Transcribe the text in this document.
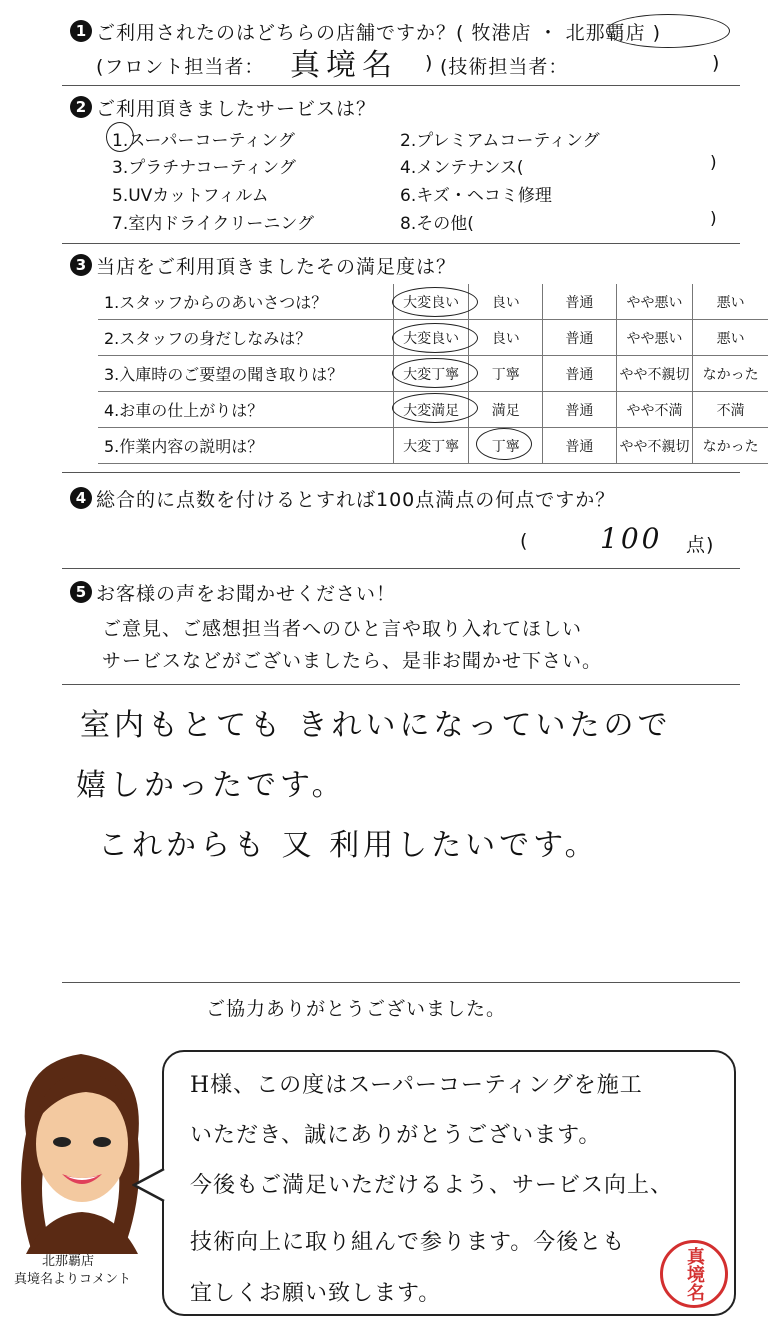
1 ご利用されたのはどちらの店舗ですか？( 牧港店 ・ 北那覇店 )
(フロント担当者： 真境名 ) (技術担当者：	)
2 ご利用頂きましたサービスは？
1.スーパーコーティング	2.プレミアムコーティング
3.プラチナコーティング	4.メンテナンス(	)
5.UVカットフィルム	6.キズ・ヘコミ修理
7.室内ドライクリーニング	8.その他(	)
3 当店をご利用頂きましたその満足度は？
1.スタッフからのあいさつは？	大変良い	良い	普通	やや悪い	悪い
2.スタッフの身だしなみは？	大変良い	良い	普通	やや悪い	悪い
3.入庫時のご要望の聞き取りは？	大変丁寧	丁寧	普通	やや不親切	なかった
4.お車の仕上がりは？	大変満足	満足	普通	やや不満	不満
5.作業内容の説明は？	大変丁寧	丁寧	普通	やや不親切	なかった
4 総合的に点数を付けるとすれば100点満点の何点ですか？
(	100 点)
5 お客様の声をお聞かせください！
ご意見、ご感想担当者へのひと言や取り入れてほしい
サービスなどがございましたら、是非お聞かせ下さい。
室内もとても きれいになっていたので
嬉しかったです。
これからも 又 利用したいです。
ご協力ありがとうございました。
北那覇店
真境名よりコメント
H様、この度はスーパーコーティングを施工
いただき、誠にありがとうございます。
今後もご満足いただけるよう、サービス向上、
技術向上に取り組んで参ります。今後とも
宜しくお願い致します。	真境名
